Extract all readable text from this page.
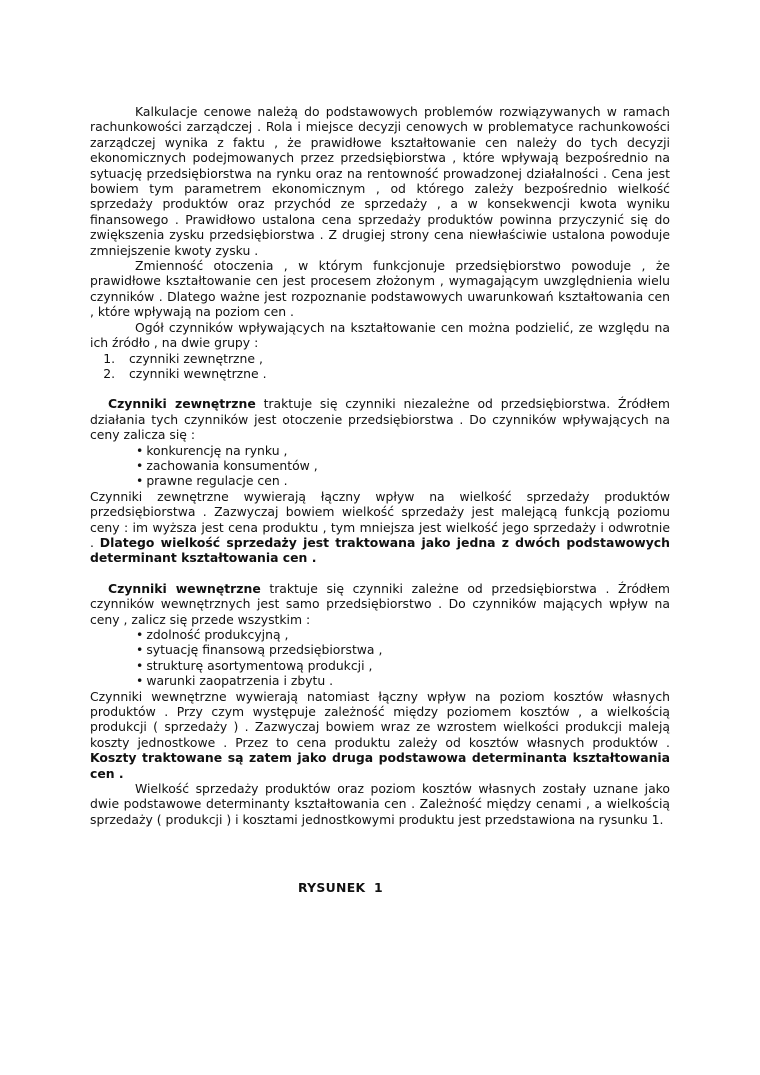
Kalkulacje cenowe należą do podstawowych problemów rozwiązywanych w ramach rachunkowości zarządczej . Rola i miejsce decyzji cenowych w problematyce rachunkowości zarządczej wynika z faktu , że prawidłowe kształtowanie cen należy do tych decyzji ekonomicznych podejmowanych przez przedsiębiorstwa , które wpływają bezpośrednio na sytuację przedsiębiorstwa na rynku oraz na rentowność prowadzonej działalności . Cena jest bowiem tym parametrem ekonomicznym , od którego zależy bezpośrednio wielkość sprzedaży produktów oraz przychód ze sprzedaży , a w konsekwencji kwota wyniku finansowego . Prawidłowo ustalona cena sprzedaży produktów powinna przyczynić się do zwiększenia zysku przedsiębiorstwa . Z drugiej strony cena niewłaściwie ustalona powoduje zmniejszenie kwoty zysku .

Zmienność otoczenia , w którym funkcjonuje przedsiębiorstwo powoduje , że prawidłowe kształtowanie cen jest procesem złożonym , wymagającym uwzględnienia wielu czynników . Dlatego ważne jest rozpoznanie podstawowych uwarunkowań kształtowania cen , które wpływają na poziom cen .

Ogół czynników wpływających na kształtowanie cen można podzielić, ze względu na ich źródło , na dwie grupy :

1. czynniki zewnętrzne ,
2. czynniki wewnętrzne .

Czynniki zewnętrzne traktuje się czynniki niezależne od przedsiębiorstwa. Źródłem działania tych czynników jest otoczenie przedsiębiorstwa . Do czynników wpływających na ceny zalicza się :

• konkurencję na rynku ,
• zachowania konsumentów ,
• prawne regulacje cen .

Czynniki zewnętrzne wywierają łączny wpływ na wielkość sprzedaży produktów przedsiębiorstwa . Zazwyczaj bowiem wielkość sprzedaży jest malejącą funkcją poziomu ceny : im wyższa jest cena produktu , tym mniejsza jest wielkość jego sprzedaży i odwrotnie . Dlatego wielkość sprzedaży jest traktowana jako jedna z dwóch podstawowych determinant kształtowania cen .

Czynniki wewnętrzne traktuje się czynniki zależne od przedsiębiorstwa . Źródłem czynników wewnętrznych jest samo przedsiębiorstwo . Do czynników mających wpływ na ceny , zalicz się przede wszystkim :

• zdolność produkcyjną ,
• sytuację finansową przedsiębiorstwa ,
• strukturę asortymentową produkcji ,
• warunki zaopatrzenia i zbytu .

Czynniki wewnętrzne wywierają natomiast łączny wpływ na poziom kosztów własnych produktów . Przy czym występuje zależność między poziomem kosztów , a wielkością produkcji ( sprzedaży ) . Zazwyczaj bowiem wraz ze wzrostem wielkości produkcji maleją koszty jednostkowe . Przez to cena produktu zależy od kosztów własnych produktów . Koszty traktowane są zatem jako druga podstawowa determinanta kształtowania cen .

Wielkość sprzedaży produktów oraz poziom kosztów własnych zostały uznane jako dwie podstawowe determinanty kształtowania cen . Zależność między cenami , a wielkością sprzedaży ( produkcji ) i kosztami jednostkowymi produktu jest przedstawiona na rysunku 1.

RYSUNEK 1
